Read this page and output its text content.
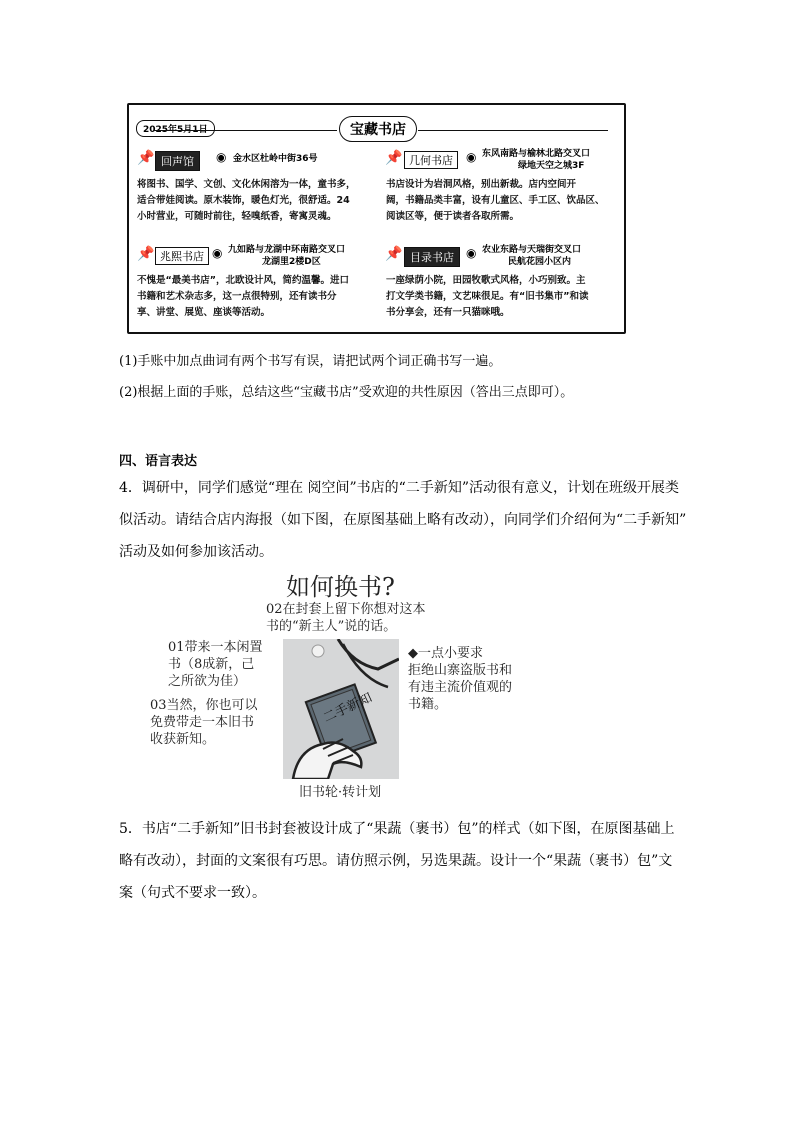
2025年5月1日	宝藏书店
📌 回声馆	◉ 金水区杜岭中街36号
将图书、国学、文创、文化休闲溶为一体，童书多，
适合带娃阅读。原木装饰，暖色灯光，很舒适。24
小时营业，可随时前往，轻嗅纸香，寄寓灵魂。
📌 几何书店	◉ 东风南路与榆林北路交叉口
绿地天空之城3F
书店设计为岩洞风格，别出新裁。店内空间开
阔，书籍品类丰富，设有儿童区、手工区、饮品区、
阅读区等，便于读者各取所需。
📌 兆熙书店 ◉ 九如路与龙湖中环南路交叉口
龙湖里2楼D区
不愧是“最美书店”，北欧设计风，简约温馨。进口
书籍和艺术杂志多，这一点很特别，还有读书分
享、讲堂、展览、座谈等活动。
📌 目录书店	◉ 农业东路与天瑞街交叉口
民航花园小区内
一座绿荫小院，田园牧歌式风格，小巧别致。主
打文学类书籍，文艺味很足。有“旧书集市”和读
书分享会，还有一只猫咪哦。
(1)手账中加点曲词有两个书写有误，请把试两个词正确书写一遍。
(2)根据上面的手账，总结这些“宝藏书店”受欢迎的共性原因（答出三点即可）。
四、语言表达
4．调研中，同学们感觉“理在 阅空间”书店的“二手新知”活动很有意义，计划在班级开展类
似活动。请结合店内海报（如下图，在原图基础上略有改动），向同学们介绍何为“二手新知”
活动及如何参加该活动。
如何换书?
02在封套上留下你想对这本
书的“新主人”说的话。
01带来一本闲置
书（8成新，己
之所欲为佳）
03当然，你也可以
免费带走一本旧书
收获新知。
◆一点小要求
拒绝山寨盗版书和
有违主流价值观的
书籍。
二手新知
旧书轮·转计划
5．书店“二手新知”旧书封套被设计成了“果蔬（裹书）包”的样式（如下图，在原图基础上
略有改动），封面的文案很有巧思。请仿照示例，另选果蔬。设计一个“果蔬（裹书）包”文
案（句式不要求一致）。
